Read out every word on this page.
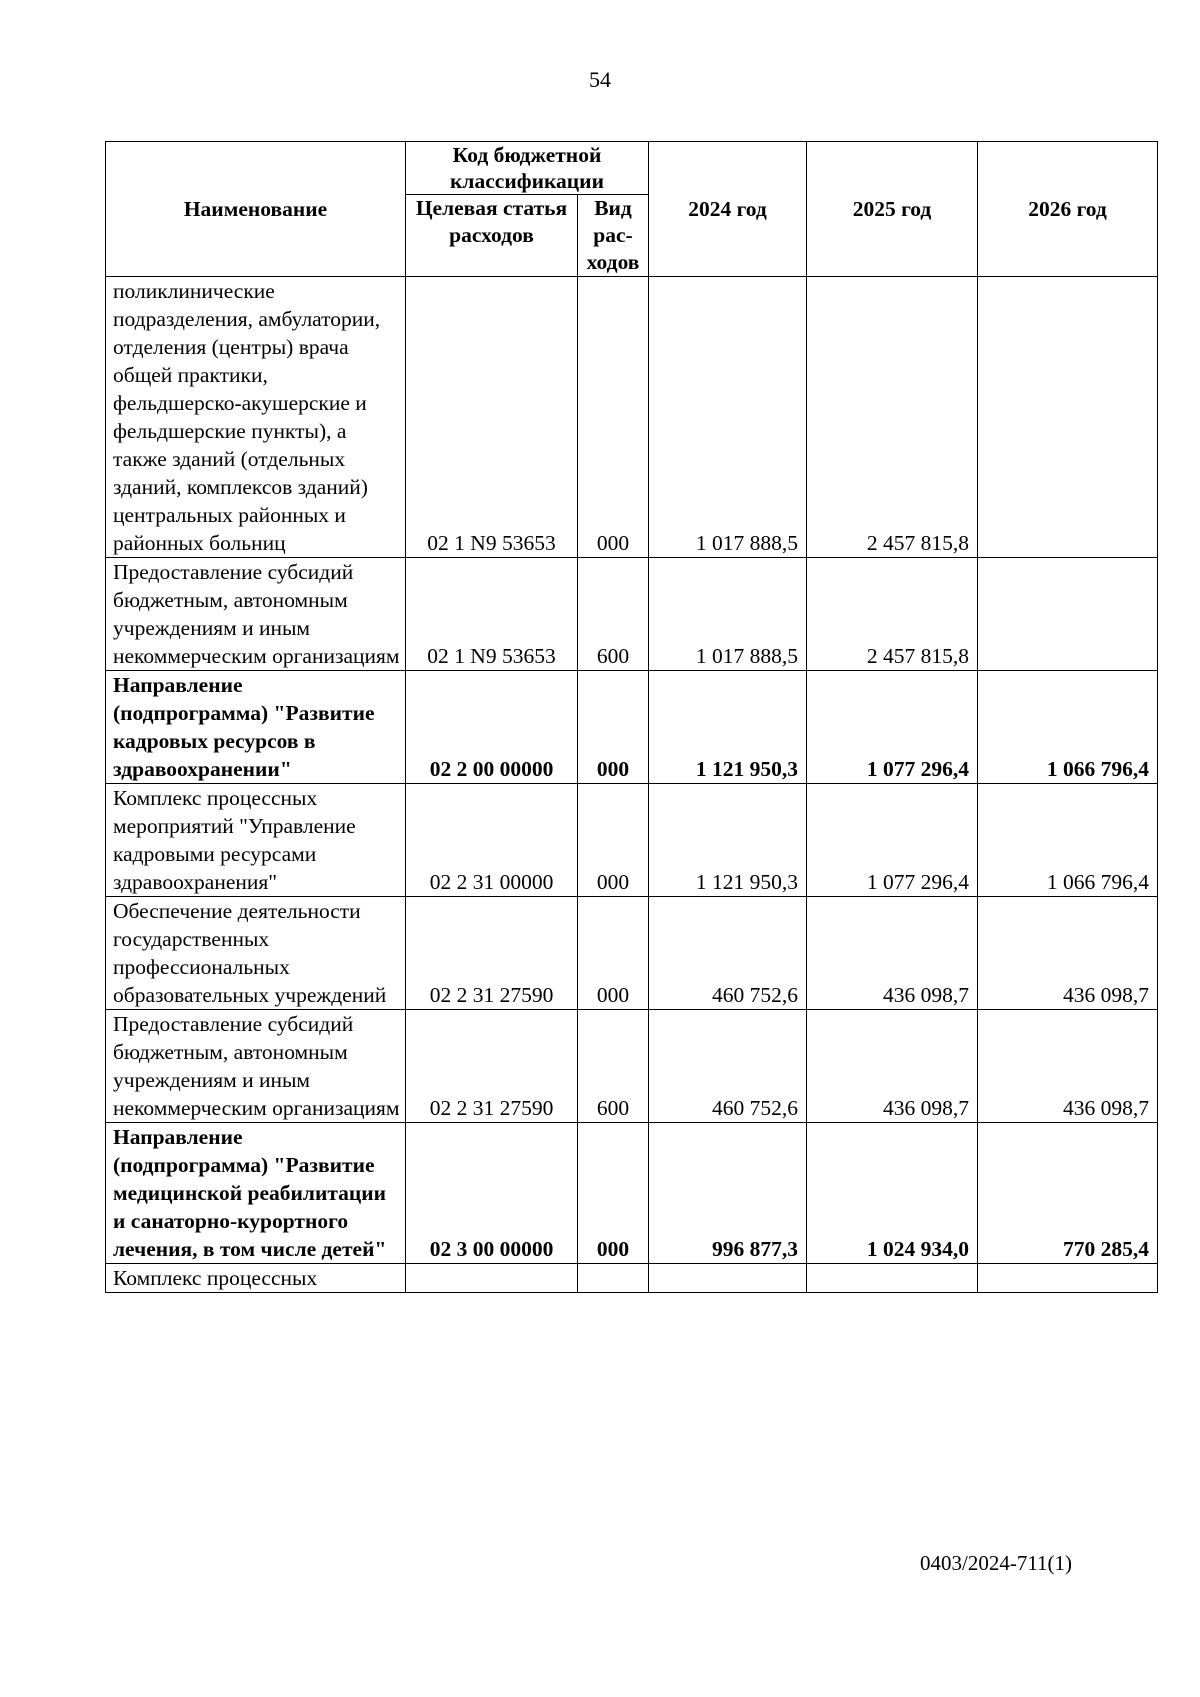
54
Наименование	Код бюджетной классификации		2024 год	2025 год	2026 год
	Целевая статья расходов	Вид рас-ходов			
поликлинические подразделения, амбулатории, отделения (центры) врача общей практики, фельдшерско-акушерские и фельдшерские пункты), а также зданий (отдельных зданий, комплексов зданий) центральных районных и районных больниц	02 1 N9 53653	000	1 017 888,5	2 457 815,8	
Предоставление субсидий бюджетным, автономным учреждениям и иным некоммерческим организациям	02 1 N9 53653	600	1 017 888,5	2 457 815,8	
Направление (подпрограмма) "Развитие кадровых ресурсов в здравоохранении"	02 2 00 00000	000	1 121 950,3	1 077 296,4	1 066 796,4
Комплекс процессных мероприятий "Управление кадровыми ресурсами здравоохранения"	02 2 31 00000	000	1 121 950,3	1 077 296,4	1 066 796,4
Обеспечение деятельности государственных профессиональных образовательных учреждений	02 2 31 27590	000	460 752,6	436 098,7	436 098,7
Предоставление субсидий бюджетным, автономным учреждениям и иным некоммерческим организациям	02 2 31 27590	600	460 752,6	436 098,7	436 098,7
Направление (подпрограмма) "Развитие медицинской реабилитации и санаторно-курортного лечения, в том числе детей"	02 3 00 00000	000	996 877,3	1 024 934,0	770 285,4
Комплекс процессных					
0403/2024-711(1)
